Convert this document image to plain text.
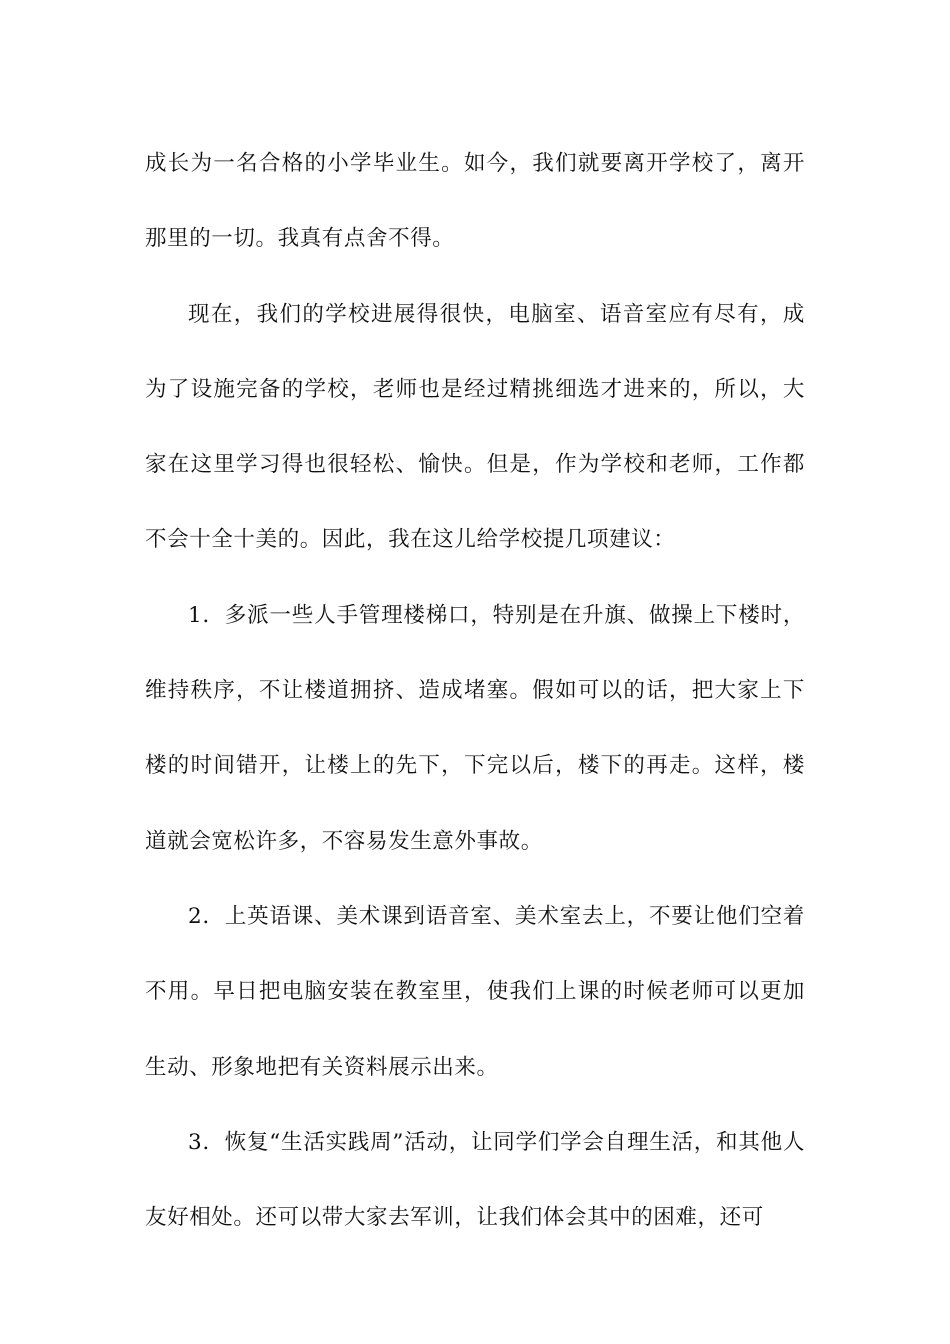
成长为一名合格的小学毕业生。如今，我们就要离开学校了，离开那里的一切。我真有点舍不得。

现在，我们的学校进展得很快，电脑室、语音室应有尽有，成为了设施完备的学校，老师也是经过精挑细选才进来的，所以，大家在这里学习得也很轻松、愉快。但是，作为学校和老师，工作都不会十全十美的。因此，我在这儿给学校提几项建议：

1．多派一些人手管理楼梯口，特别是在升旗、做操上下楼时，维持秩序，不让楼道拥挤、造成堵塞。假如可以的话，把大家上下楼的时间错开，让楼上的先下，下完以后，楼下的再走。这样，楼道就会宽松许多，不容易发生意外事故。

2．上英语课、美术课到语音室、美术室去上，不要让他们空着不用。早日把电脑安装在教室里，使我们上课的时候老师可以更加生动、形象地把有关资料展示出来。

3．恢复“生活实践周”活动，让同学们学会自理生活，和其他人友好相处。还可以带大家去军训，让我们体会其中的困难，还可
